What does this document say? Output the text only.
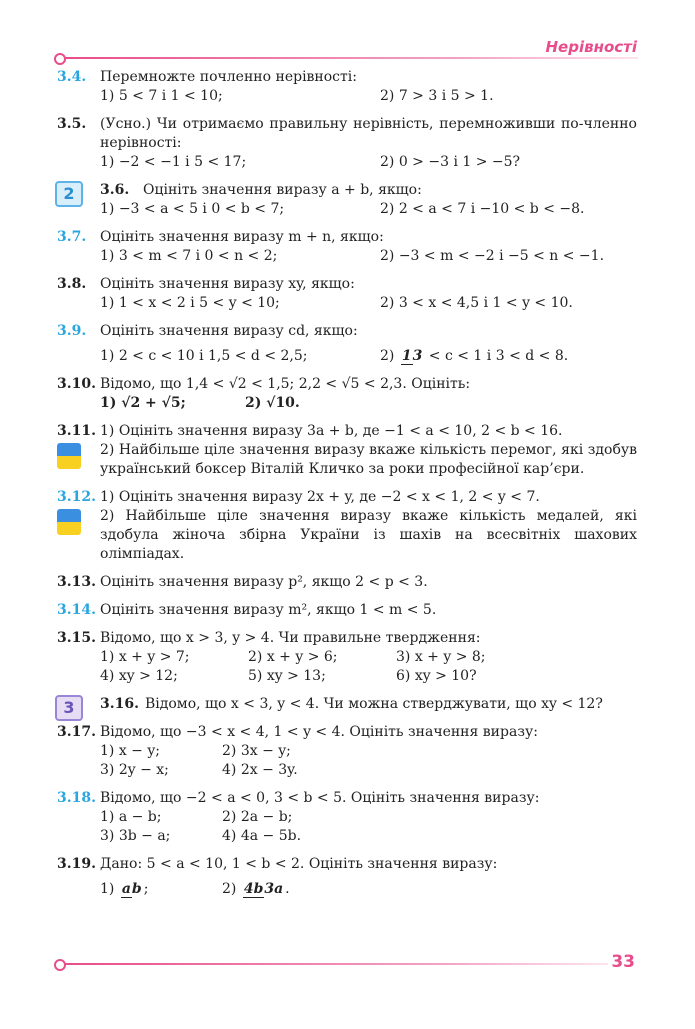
Нерівності
3.4. Перемножте почленно нерівності:
1) 5 < 7 і 1 < 10;	2) 7 > 3 і 5 > 1.
3.5. (Усно.) Чи отримаємо правильну нерівність, перемноживши по-членно нерівності:
1) −2 < −1 і 5 < 17;	2) 0 > −3 і 1 > −5?
2	3.6. Оцініть значення виразу a + b, якщо:
1) −3 < a < 5 і 0 < b < 7;	2) 2 < a < 7 і −10 < b < −8.
3.7. Оцініть значення виразу m + n, якщо:
1) 3 < m < 7 і 0 < n < 2;	2) −3 < m < −2 і −5 < n < −1.
3.8. Оцініть значення виразу xy, якщо:
1) 1 < x < 2 і 5 < y < 10;	2) 3 < x < 4,5 і 1 < y < 10.
3.9. Оцініть значення виразу cd, якщо:
1) 2 < c < 10 і 1,5 < d < 2,5;	2) 13 < c < 1 і 3 < d < 8.
3.10. Відомо, що 1,4 < √2 < 1,5; 2,2 < √5 < 2,3. Оцініть:
1) √2 + √5;	2) √10.
3.11. 1) Оцініть значення виразу 3a + b, де −1 < a < 10, 2 < b < 16.
2) Найбільше ціле значення виразу вкаже кількість перемог, які здобув український боксер Віталій Кличко за роки професійної кар’єри.
3.12. 1) Оцініть значення виразу 2x + y, де −2 < x < 1, 2 < y < 7.
2) Найбільше ціле значення виразу вкаже кількість медалей, які здобула жіноча збірна України із шахів на всесвітніх шахових олімпіадах.
3.13. Оцініть значення виразу p², якщо 2 < p < 3.
3.14. Оцініть значення виразу m², якщо 1 < m < 5.
3.15. Відомо, що x > 3, y > 4. Чи правильне твердження:
1) x + y > 7;	2) x + y > 6;	3) x + y > 8;
4) xy > 12;	5) xy > 13;	6) xy > 10?
3	3.16. Відомо, що x < 3, y < 4. Чи можна стверджувати, що xy < 12?
3.17. Відомо, що −3 < x < 4, 1 < y < 4. Оцініть значення виразу:
1) x − y;	2) 3x − y;
3) 2y − x;	4) 2x − 3y.
3.18. Відомо, що −2 < a < 0, 3 < b < 5. Оцініть значення виразу:
1) a − b;	2) 2a − b;
3) 3b − a;	4) 4a − 5b.
3.19. Дано: 5 < a < 10, 1 < b < 2. Оцініть значення виразу:
1) ab ;	2) 4b3a .
33
